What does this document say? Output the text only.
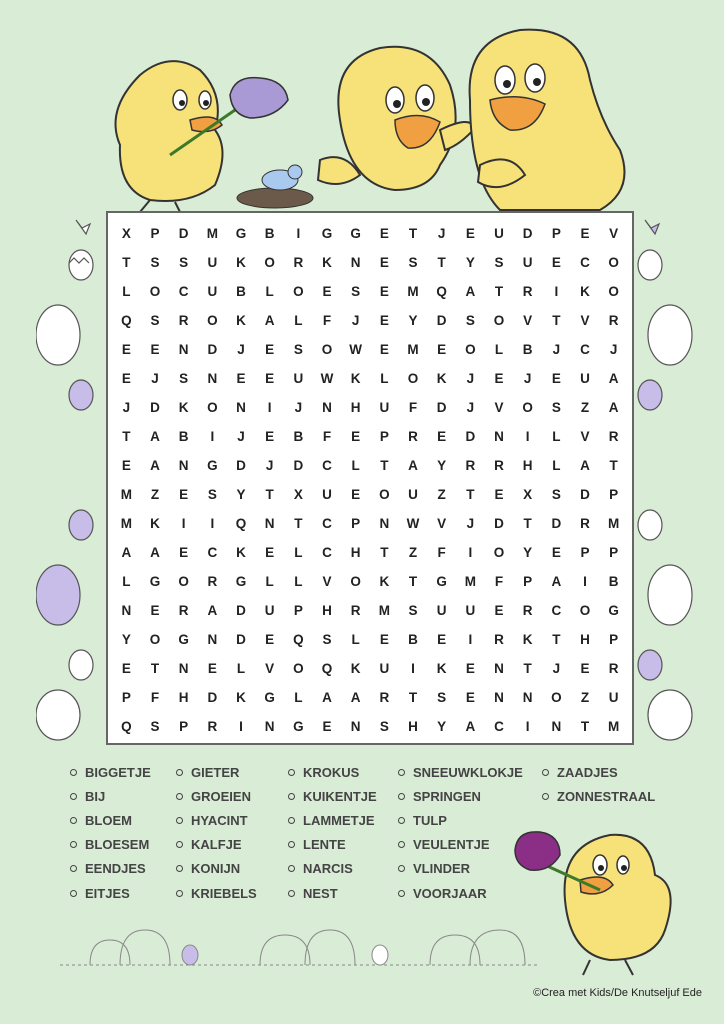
X	P	D	M	G	B	I	G	G	E	T	J	E	U	D	P	E	V
T	S	S	U	K	O	R	K	N	E	S	T	Y	S	U	E	C	O
L	O	C	U	B	L	O	E	S	E	M	Q	A	T	R	I	K	O
Q	S	R	O	K	A	L	F	J	E	Y	D	S	O	V	T	V	R
E	E	N	D	J	E	S	O	W	E	M	E	O	L	B	J	C	J
E	J	S	N	E	E	U	W	K	L	O	K	J	E	J	E	U	A
J	D	K	O	N	I	J	N	H	U	F	D	J	V	O	S	Z	A
T	A	B	I	J	E	B	F	E	P	R	E	D	N	I	L	V	R
E	A	N	G	D	J	D	C	L	T	A	Y	R	R	H	L	A	T
M	Z	E	S	Y	T	X	U	E	O	U	Z	T	E	X	S	D	P
M	K	I	I	Q	N	T	C	P	N	W	V	J	D	T	D	R	M
A	A	E	C	K	E	L	C	H	T	Z	F	I	O	Y	E	P	P
L	G	O	R	G	L	L	V	O	K	T	G	M	F	P	A	I	B
N	E	R	A	D	U	P	H	R	M	S	U	U	E	R	C	O	G
Y	O	G	N	D	E	Q	S	L	E	B	E	I	R	K	T	H	P
E	T	N	E	L	V	O	Q	K	U	I	K	E	N	T	J	E	R
P	F	H	D	K	G	L	A	A	R	T	S	E	N	N	O	Z	U
Q	S	P	R	I	N	G	E	N	S	H	Y	A	C	I	N	T	M
BIGGETJE
BIJ
BLOEM
BLOESEM
EENDJES
EITJES
GIETER
GROEIEN
HYACINT
KALFJE
KONIJN
KRIEBELS
KROKUS
KUIKENTJE
LAMMETJE
LENTE
NARCIS
NEST
SNEEUWKLOKJE
SPRINGEN
TULP
VEULENTJE
VLINDER
VOORJAAR
ZAADJES
ZONNESTRAAL
©Crea met Kids/De Knutseljuf Ede
